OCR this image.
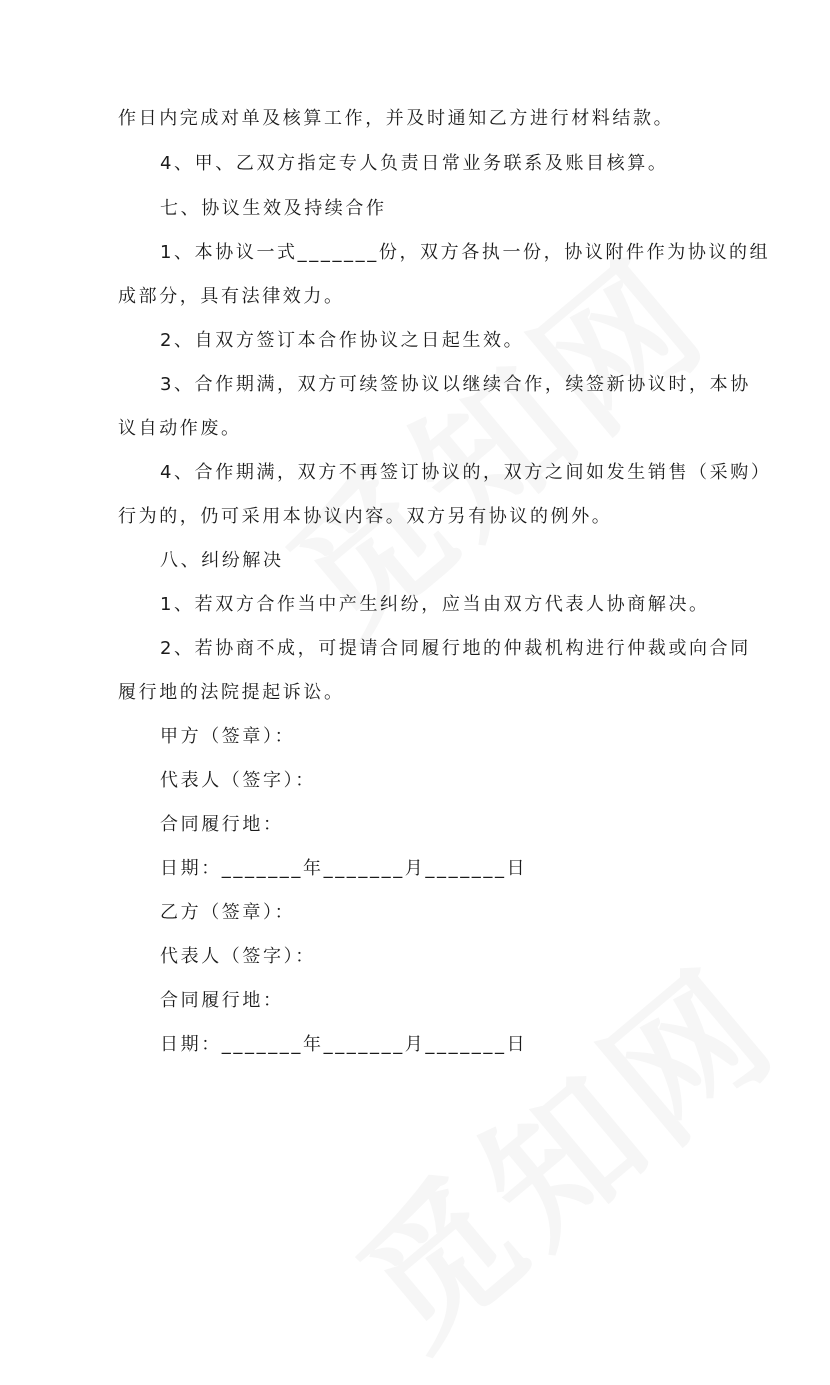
作日内完成对单及核算工作，并及时通知乙方进行材料结款。
4、甲、乙双方指定专人负责日常业务联系及账目核算。
七、协议生效及持续合作
1、本协议一式_______份，双方各执一份，协议附件作为协议的组
成部分，具有法律效力。
2、自双方签订本合作协议之日起生效。
3、合作期满，双方可续签协议以继续合作，续签新协议时，本协
议自动作废。
4、合作期满，双方不再签订协议的，双方之间如发生销售（采购）
行为的，仍可采用本协议内容。双方另有协议的例外。
八、纠纷解决
1、若双方合作当中产生纠纷，应当由双方代表人协商解决。
2、若协商不成，可提请合同履行地的仲裁机构进行仲裁或向合同
履行地的法院提起诉讼。
甲方（签章）：
代表人（签字）：
合同履行地：
日期：_______年_______月_______日
乙方（签章）：
代表人（签字）：
合同履行地：
日期：_______年_______月_______日
